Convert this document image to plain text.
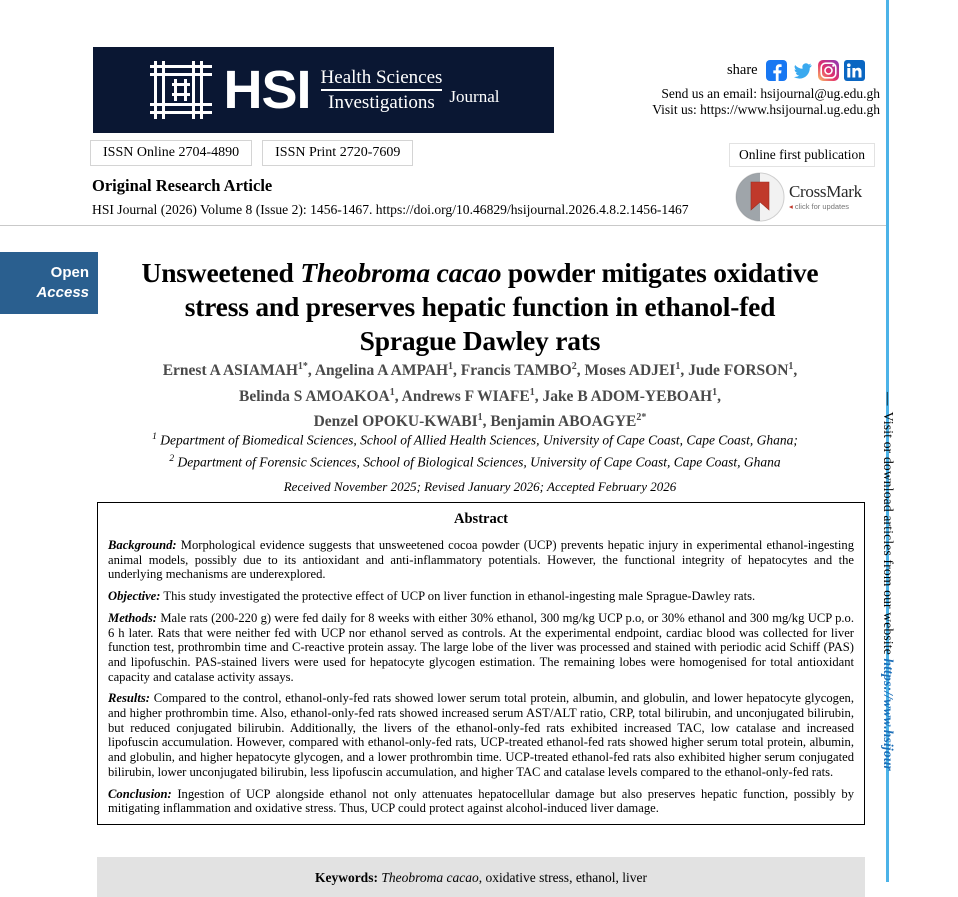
—Visit or download articles from our website https://www.hsijour
HSI Health Sciences
Investigations Journal
share
Send us an email: hsijournal@ug.edu.gh
Visit us: https://www.hsijournal.ug.edu.gh
ISSN Online 2704-4890	ISSN Print 2720-7609	Online first publication
CrossMark
◂ click for updates
Original Research Article
HSI Journal (2026) Volume 8 (Issue 2): 1456-1467. https://doi.org/10.46829/hsijournal.2026.4.8.2.1456-1467
Open
Access
Unsweetened Theobroma cacao powder mitigates oxidative stress and preserves hepatic function in ethanol-fed Sprague Dawley rats
Ernest A $ASIAMAH^{1*}$, Angelina A AMPAH$^1$, Francis TAMBO$^2$, Moses ADJEI$^1$, Jude FORSON$^1$,
Belinda S AMOAKOA$^1$, Andrews F WIAFE$^1$, Jake B ADOM-YEBOAH$^1$,
Denzel OPOKU-KWABI$^1$, Benjamin $ABOAGYE^{2*}$
$^1$ Department of Biomedical Sciences, School of Allied Health Sciences, University of Cape Coast, Cape Coast, Ghana;
$^2$ Department of Forensic Sciences, School of Biological Sciences, University of Cape Coast, Cape Coast, Ghana
Received November 2025; Revised January 2026; Accepted February 2026
Abstract

Background: Morphological evidence suggests that unsweetened cocoa powder (UCP) prevents hepatic injury in experimental ethanol-ingesting animal models, possibly due to its antioxidant and anti-inflammatory potentials. However, the functional integrity of hepatocytes and the underlying mechanisms are underexplored.

Objective: This study investigated the protective effect of UCP on liver function in ethanol-ingesting male Sprague-Dawley rats.

Methods: Male rats (200-220 g) were fed daily for 8 weeks with either 30% ethanol, 300 mg/kg UCP p.o, or 30% ethanol and 300 mg/kg UCP p.o. 6 h later. Rats that were neither fed with UCP nor ethanol served as controls. At the experimental endpoint, cardiac blood was collected for liver function test, prothrombin time and C-reactive protein assay. The large lobe of the liver was processed and stained with periodic acid Schiff (PAS) and lipofuschin. PAS-stained livers were used for hepatocyte glycogen estimation. The remaining lobes were homogenised for total antioxidant capacity and catalase activity assays.

Results: Compared to the control, ethanol-only-fed rats showed lower serum total protein, albumin, and globulin, and lower hepatocyte glycogen, and higher prothrombin time. Also, ethanol-only-fed rats showed increased serum AST/ALT ratio, CRP, total bilirubin, and unconjugated bilirubin, but reduced conjugated bilirubin. Additionally, the livers of the ethanol-only-fed rats exhibited increased TAC, low catalase and increased lipofuscin accumulation. However, compared with ethanol-only-fed rats, UCP-treated ethanol-fed rats showed higher serum total protein, albumin, and globulin, and higher hepatocyte glycogen, and a lower prothrombin time. UCP-treated ethanol-fed rats also exhibited higher serum conjugated bilirubin, lower unconjugated bilirubin, less lipofuscin accumulation, and higher TAC and catalase levels compared to the ethanol-only-fed rats.

Conclusion: Ingestion of UCP alongside ethanol not only attenuates hepatocellular damage but also preserves hepatic function, possibly by mitigating inflammation and oxidative stress. Thus, UCP could protect against alcohol-induced liver damage.

Keywords: Theobroma cacao, oxidative stress, ethanol, liver
